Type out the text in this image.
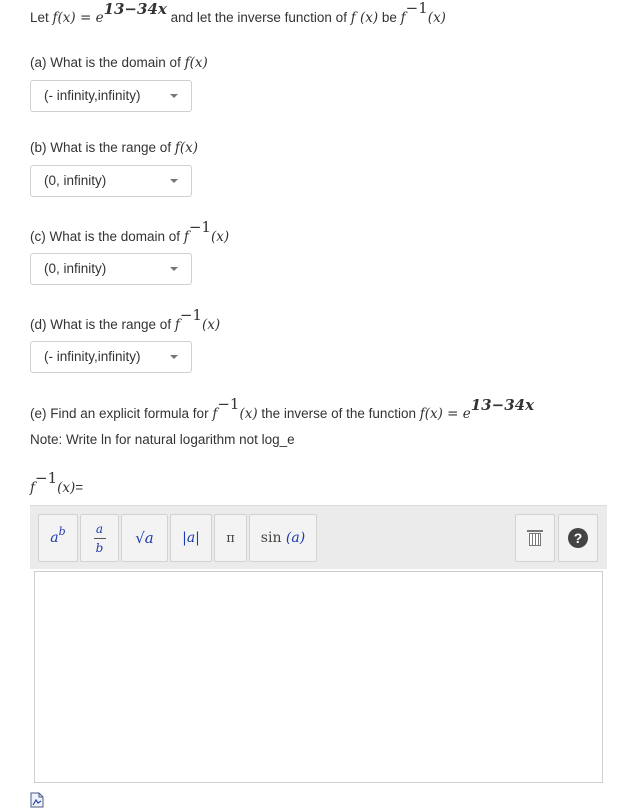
Let f(x) = e13−34x and let the inverse function of f (x) be f−1(x)
(a) What is the domain of f(x)
(- infinity,infinity)
(b) What is the range of f(x)
(0, infinity)
(c) What is the domain of f−1(x)
(0, infinity)
(d) What is the range of f−1(x)
(- infinity,infinity)
(e) Find an explicit formula for f−1(x) the inverse of the function f(x) = e13−34x
Note: Write ln for natural logarithm not log_e
f−1(x)=
a b $\frac{a}{b}$	√a	|a|	π	sin
(a)	?
